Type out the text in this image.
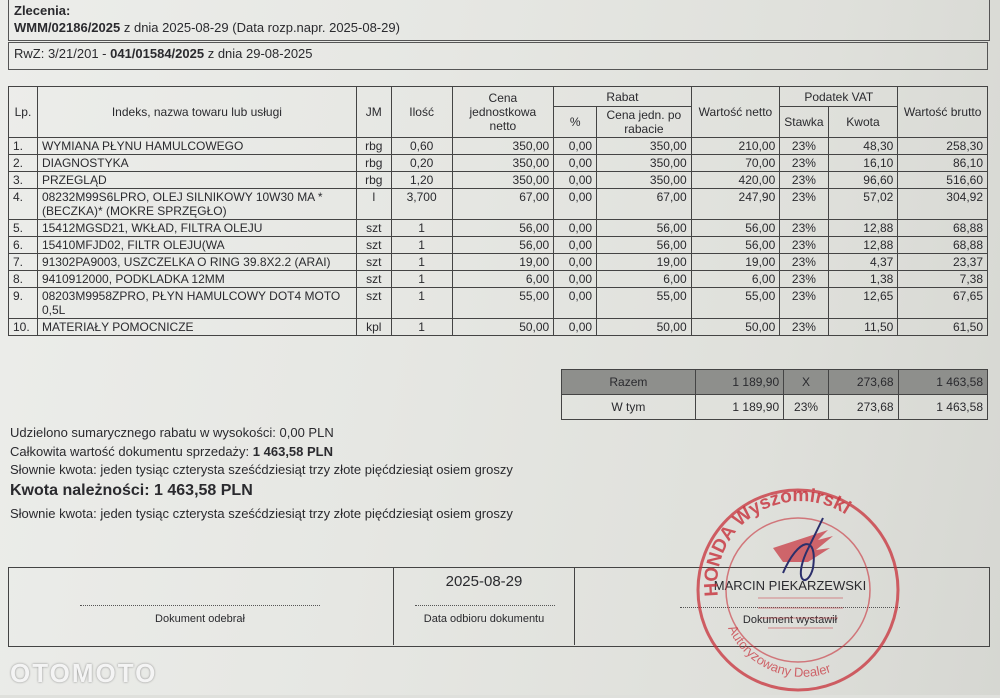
Zlecenia:
WMM/02186/2025 z dnia 2025-08-29 (Data rozp.napr. 2025-08-29)
RwZ: 3/21/201 - 041/01584/2025 z dnia 29-08-2025
Lp.	Indeks, nazwa towaru lub usługi	JM	Ilość	Cena jednostkowa netto	Rabat		Wartość netto	Podatek VAT		Wartość brutto
					%	Cena jedn. po rabacie		Stawka	Kwota	
1.	WYMIANA PŁYNU HAMULCOWEGO	rbg	0,60	350,00	0,00	350,00	210,00	23%	48,30	258,30
2.	DIAGNOSTYKA	rbg	0,20	350,00	0,00	350,00	70,00	23%	16,10	86,10
3.	PRZEGLĄD	rbg	1,20	350,00	0,00	350,00	420,00	23%	96,60	516,60
4.	08232M99S6LPRO, OLEJ SILNIKOWY 10W30 MA *(BECZKA)* (MOKRE SPRZĘGŁO)	l	3,700	67,00	0,00	67,00	247,90	23%	57,02	304,92
5.	15412MGSD21, WKŁAD, FILTRA OLEJU	szt	1	56,00	0,00	56,00	56,00	23%	12,88	68,88
6.	15410MFJD02, FILTR OLEJU(WA	szt	1	56,00	0,00	56,00	56,00	23%	12,88	68,88
7.	91302PA9003, USZCZELKA O RING 39.8X2.2 (ARAI)	szt	1	19,00	0,00	19,00	19,00	23%	4,37	23,37
8.	9410912000, PODKLADKA 12MM	szt	1	6,00	0,00	6,00	6,00	23%	1,38	7,38
9.	08203M9958ZPRO, PŁYN HAMULCOWY DOT4 MOTO 0,5L	szt	1	55,00	0,00	55,00	55,00	23%	12,65	67,65
10.	MATERIAŁY POMOCNICZE	kpl	1	50,00	0,00	50,00	50,00	23%	11,50	61,50
Razem	1 189,90	X	273,68	1 463,58
W tym	1 189,90	23%	273,68	1 463,58
Udzielono sumarycznego rabatu w wysokości: 0,00 PLN
Całkowita wartość dokumentu sprzedaży: 1 463,58 PLN
Słownie kwota: jeden tysiąc czterysta sześćdziesiąt trzy złote pięćdziesiąt osiem groszy
Kwota należności: 1 463,58 PLN
Słownie kwota: jeden tysiąc czterysta sześćdziesiąt trzy złote pięćdziesiąt osiem groszy
Dokument odebrał
2025-08-29
Data odbioru dokumentu
MARCIN PIEKARZEWSKI
Dokument wystawił
HONDA Wyszomirski
Autoryzowany Dealer
OTOMOTO
